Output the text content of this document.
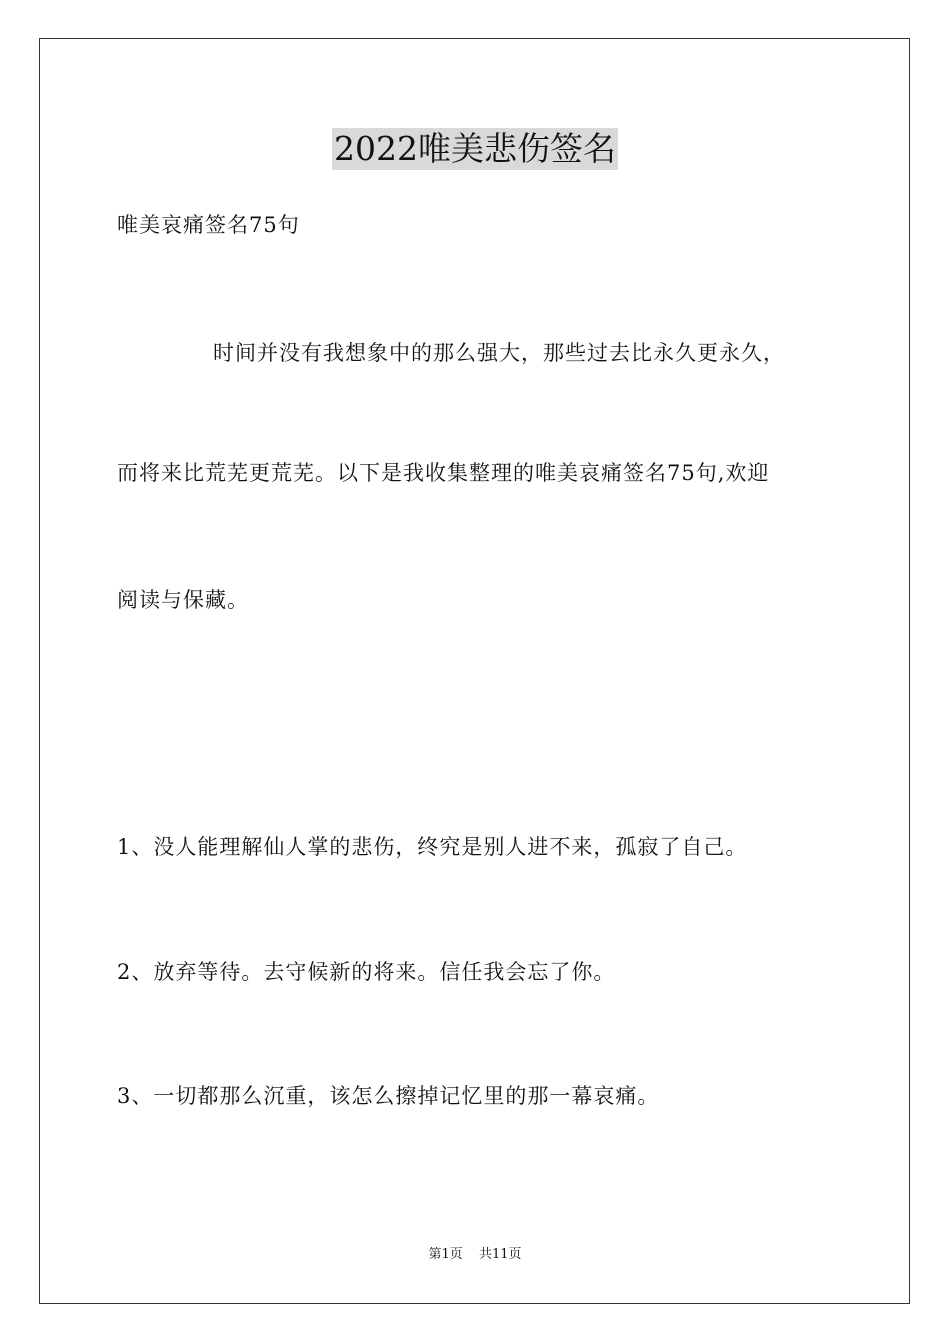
2022唯美悲伤签名
唯美哀痛签名75句
时间并没有我想象中的那么强大，那些过去比永久更永久，
而将来比荒芜更荒芜。以下是我收集整理的唯美哀痛签名75句,欢迎
阅读与保藏。
1、没人能理解仙人掌的悲伤，终究是别人进不来，孤寂了自己。
2、放弃等待。去守候新的将来。信任我会忘了你。
3、一切都那么沉重，该怎么擦掉记忆里的那一幕哀痛。
第1页 共11页
